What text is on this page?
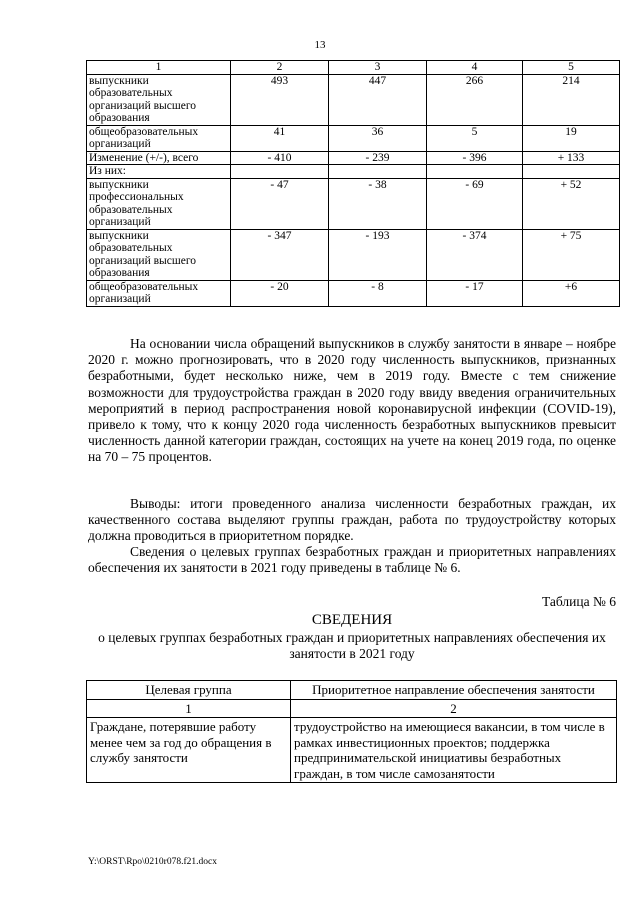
13
1	2	3	4	5
выпускники образовательных организаций высшего образования	493	447	266	214
общеобразовательных организаций	41	36	5	19
Изменение (+/-), всего	- 410	- 239	- 396	+ 133
Из них:				
выпускники профессиональных образовательных организаций	- 47	- 38	- 69	+ 52
выпускники образовательных организаций высшего образования	- 347	- 193	- 374	+ 75
общеобразовательных организаций	- 20	- 8	- 17	+6

На основании числа обращений выпускников в службу занятости в январе – ноябре 2020 г. можно прогнозировать, что в 2020 году численность выпускников, признанных безработными, будет несколько ниже, чем в 2019 году. Вместе с тем снижение возможности для трудоустройства граждан в 2020 году ввиду введения ограничительных мероприятий в период распространения новой коронавирусной инфекции (COVID-19), привело к тому, что к концу 2020 года численность безработных выпускников превысит численность данной категории граждан, состоящих на учете на конец 2019 года, по оценке на 70 – 75 процентов.

Выводы: итоги проведенного анализа численности безработных граждан, их качественного состава выделяют группы граждан, работа по трудоустройству которых должна проводиться в приоритетном порядке.

Сведения о целевых группах безработных граждан и приоритетных направлениях обеспечения их занятости в 2021 году приведены в таблице № 6.

Таблица № 6
СВЕДЕНИЯ
о целевых группах безработных граждан и приоритетных направлениях обеспечения их занятости в 2021 году
Целевая группа	Приоритетное направление обеспечения занятости
1	2
Граждане, потерявшие работу менее чем за год до обращения в службу занятости	трудоустройство на имеющиеся вакансии, в том числе в рамках инвестиционных проектов; поддержка предпринимательской инициативы безработных граждан, в том числе самозанятости
Y:\ORST\Rpo\0210r078.f21.docx
